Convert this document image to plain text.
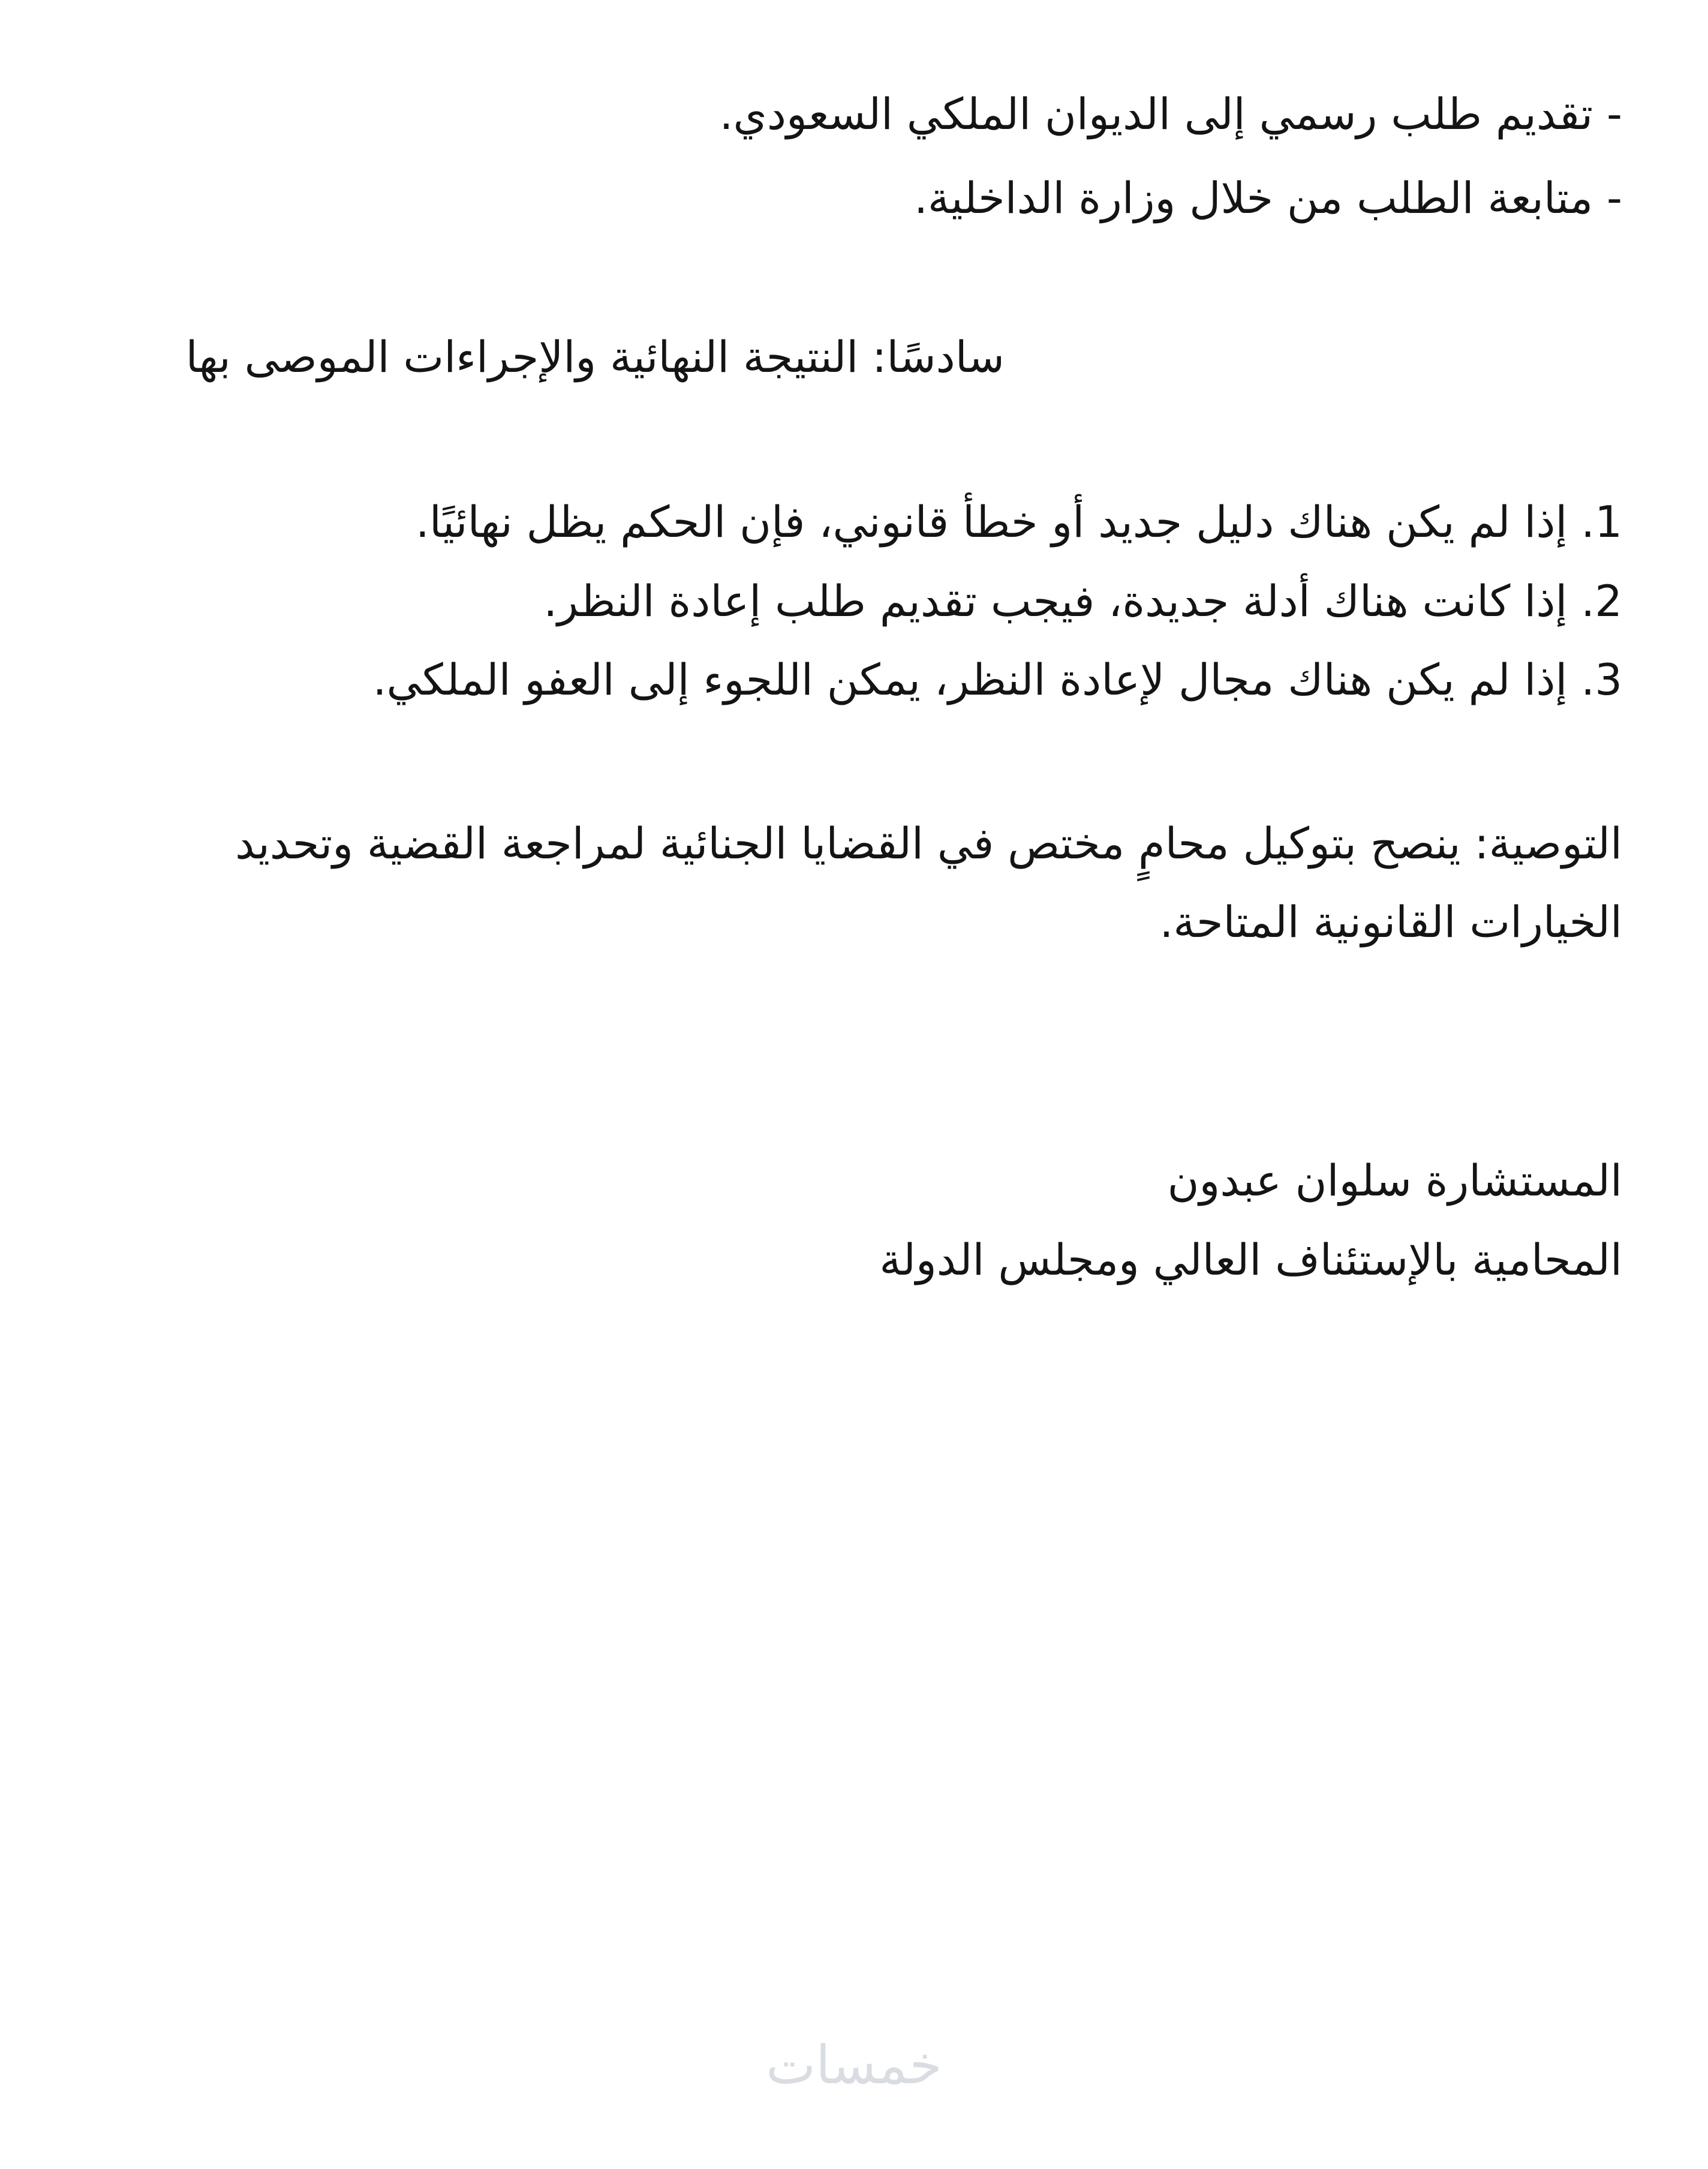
- تقديم طلب رسمي إلى الديوان الملكي السعودي.
- متابعة الطلب من خلال وزارة الداخلية.
سادسًا: النتيجة النهائية والإجراءات الموصى بها
1. إذا لم يكن هناك دليل جديد أو خطأ قانوني، فإن الحكم يظل نهائيًا.
2. إذا كانت هناك أدلة جديدة، فيجب تقديم طلب إعادة النظر.
3. إذا لم يكن هناك مجال لإعادة النظر، يمكن اللجوء إلى العفو الملكي.
التوصية: ينصح بتوكيل محامٍ مختص في القضايا الجنائية لمراجعة القضية وتحديد
الخيارات القانونية المتاحة.
المستشارة سلوان عبدون
المحامية بالإستئناف العالي ومجلس الدولة
خمسات
